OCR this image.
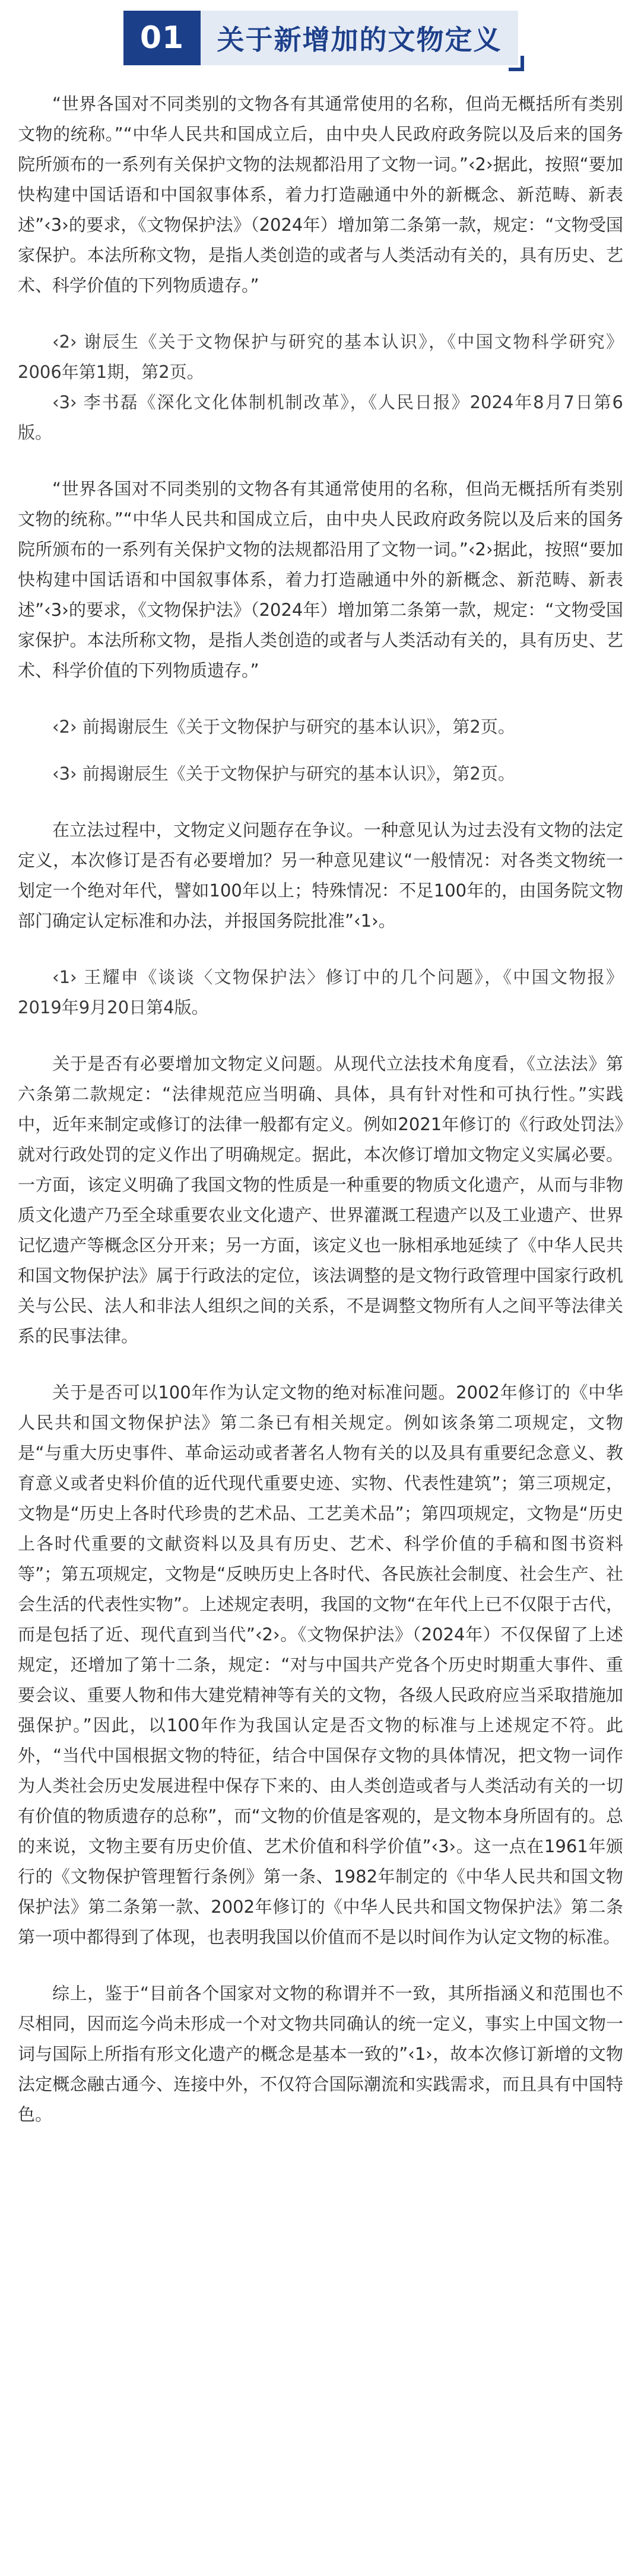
01	关于新增加的文物定义

“世界各国对不同类别的文物各有其通常使用的名称，但尚无概括所有类别文物的统称。”“中华人民共和国成立后，由中央人民政府政务院以及后来的国务院所颁布的一系列有关保护文物的法规都沿用了文物一词。”‹2›据此，按照“要加快构建中国话语和中国叙事体系，着力打造融通中外的新概念、新范畴、新表述”‹3›的要求，《文物保护法》（2024年）增加第二条第一款，规定：“文物受国家保护。本法所称文物，是指人类创造的或者与人类活动有关的，具有历史、艺术、科学价值的下列物质遗存。”

‹2› 谢辰生《关于文物保护与研究的基本认识》，《中国文物科学研究》2006年第1期，第2页。

‹3› 李书磊《深化文化体制机制改革》，《人民日报》2024年8月7日第6版。

“世界各国对不同类别的文物各有其通常使用的名称，但尚无概括所有类别文物的统称。”“中华人民共和国成立后，由中央人民政府政务院以及后来的国务院所颁布的一系列有关保护文物的法规都沿用了文物一词。”‹2›据此，按照“要加快构建中国话语和中国叙事体系，着力打造融通中外的新概念、新范畴、新表述”‹3›的要求，《文物保护法》（2024年）增加第二条第一款，规定：“文物受国家保护。本法所称文物，是指人类创造的或者与人类活动有关的，具有历史、艺术、科学价值的下列物质遗存。”

‹2› 前揭谢辰生《关于文物保护与研究的基本认识》，第2页。

‹3› 前揭谢辰生《关于文物保护与研究的基本认识》，第2页。

在立法过程中，文物定义问题存在争议。一种意见认为过去没有文物的法定定义，本次修订是否有必要增加？另一种意见建议“一般情况：对各类文物统一划定一个绝对年代，譬如100年以上；特殊情况：不足100年的，由国务院文物部门确定认定标准和办法，并报国务院批准”‹1›。

‹1› 王耀申《谈谈〈文物保护法〉修订中的几个问题》，《中国文物报》2019年9月20日第4版。

关于是否有必要增加文物定义问题。从现代立法技术角度看，《立法法》第六条第二款规定：“法律规范应当明确、具体，具有针对性和可执行性。”实践中，近年来制定或修订的法律一般都有定义。例如2021年修订的《行政处罚法》就对行政处罚的定义作出了明确规定。据此，本次修订增加文物定义实属必要。一方面，该定义明确了我国文物的性质是一种重要的物质文化遗产，从而与非物质文化遗产乃至全球重要农业文化遗产、世界灌溉工程遗产以及工业遗产、世界记忆遗产等概念区分开来；另一方面，该定义也一脉相承地延续了《中华人民共和国文物保护法》属于行政法的定位，该法调整的是文物行政管理中国家行政机关与公民、法人和非法人组织之间的关系，不是调整文物所有人之间平等法律关系的民事法律。

关于是否可以100年作为认定文物的绝对标准问题。2002年修订的《中华人民共和国文物保护法》第二条已有相关规定。例如该条第二项规定，文物是“与重大历史事件、革命运动或者著名人物有关的以及具有重要纪念意义、教育意义或者史料价值的近代现代重要史迹、实物、代表性建筑”；第三项规定，文物是“历史上各时代珍贵的艺术品、工艺美术品”；第四项规定，文物是“历史上各时代重要的文献资料以及具有历史、艺术、科学价值的手稿和图书资料等”；第五项规定，文物是“反映历史上各时代、各民族社会制度、社会生产、社会生活的代表性实物”。上述规定表明，我国的文物“在年代上已不仅限于古代，而是包括了近、现代直到当代”‹2›。《文物保护法》（2024年）不仅保留了上述规定，还增加了第十二条，规定：“对与中国共产党各个历史时期重大事件、重要会议、重要人物和伟大建党精神等有关的文物，各级人民政府应当采取措施加强保护。”因此，以100年作为我国认定是否文物的标准与上述规定不符。此外，“当代中国根据文物的特征，结合中国保存文物的具体情况，把文物一词作为人类社会历史发展进程中保存下来的、由人类创造或者与人类活动有关的一切有价值的物质遗存的总称”，而“文物的价值是客观的，是文物本身所固有的。总的来说，文物主要有历史价值、艺术价值和科学价值”‹3›。这一点在1961年颁行的《文物保护管理暂行条例》第一条、1982年制定的《中华人民共和国文物保护法》第二条第一款、2002年修订的《中华人民共和国文物保护法》第二条第一项中都得到了体现，也表明我国以价值而不是以时间作为认定文物的标准。

综上，鉴于“目前各个国家对文物的称谓并不一致，其所指涵义和范围也不尽相同，因而迄今尚未形成一个对文物共同确认的统一定义，事实上中国文物一词与国际上所指有形文化遗产的概念是基本一致的”‹1›，故本次修订新增的文物法定概念融古通今、连接中外，不仅符合国际潮流和实践需求，而且具有中国特色。
